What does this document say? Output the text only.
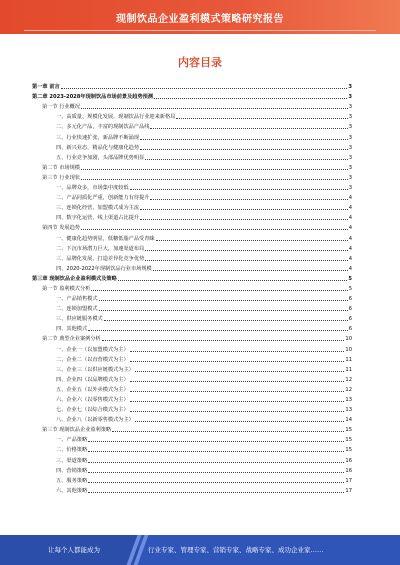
现制饮品企业盈利模式策略研究报告
内容目录
第一章 前言	3
第二章 2023-2028年现制饮品市场前景及趋势预测	3
第一节 行业概况	3
一、高质量、规模化发展，现制饮品行业迎来新格局	3
二、多元化产品，丰富的现制饮品产品线	3
三、行业快速扩张，新品牌不断涌现	3
四、新兴业态，精品化与健康化趋势	3
五、行业竞争加剧，头部品牌优势明显	3
第二节 市场规模	3
第三节 行业现状	3
一、品牌众多，市场集中度较低	3
二、产品同质化严重，创新能力有待提升	4
三、连锁化经营，加盟模式成为主流	4
四、数字化运营，线上渠道占比提升	4
第四节 发展趋势	4
一、健康化趋势明显，低糖低脂产品受青睐	4
二、下沉市场潜力巨大，加速渠道布局	4
三、品牌化发展，打造差异化竞争优势	4
四、2020-2022年现制饮品行业市场规模	4
第三章 现制饮品企业盈利模式及策略	5
第一节 盈利模式分析	5
一、产品销售模式	6
二、连锁加盟模式	6
三、供应链服务模式	6
四、其他模式	6
第二节 典型企业案例分析	10
一、企业一（以加盟模式为主）	10
二、企业二（以直营模式为主）	11
三、企业三（以供应链模式为主）	11
四、企业四（以品牌模式为主）	12
五、企业五（以外卖模式为主）	12
六、企业六（以零售模式为主）	13
七、企业七（以综合模式为主）	13
八、企业八（以新零售模式为主）	14
第三节 现制饮品企业盈利策略	15
一、产品策略	15
二、价格策略	15
三、渠道策略	16
四、营销策略	16
五、服务策略	17
六、其他策略	17
让每个人都能成为	行业专家、管理专家、营销专家、战略专家、成功企业家……
